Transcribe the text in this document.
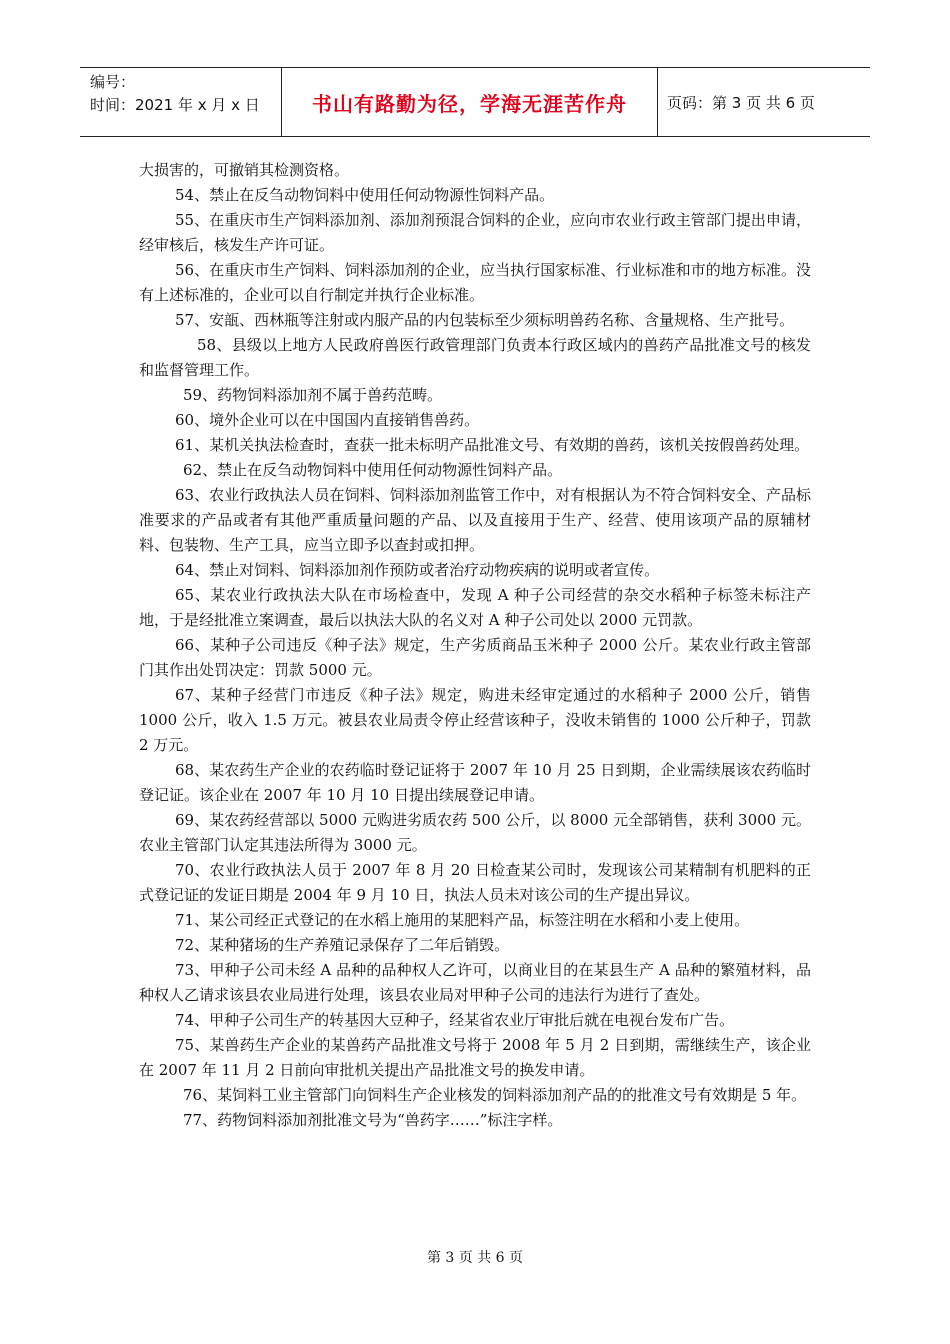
编号：
时间：2021 年 x 月 x 日	书山有路勤为径，学海无涯苦作舟	页码：第 3 页 共 6 页

大损害的，可撤销其检测资格。

54、禁止在反刍动物饲料中使用任何动物源性饲料产品。

55、在重庆市生产饲料添加剂、添加剂预混合饲料的企业，应向市农业行政主管部门提出申请，经审核后，核发生产许可证。

56、在重庆市生产饲料、饲料添加剂的企业，应当执行国家标准、行业标准和市的地方标准。没有上述标准的，企业可以自行制定并执行企业标准。

57、安瓿、西林瓶等注射或内服产品的内包装标至少须标明兽药名称、含量规格、生产批号。

58、县级以上地方人民政府兽医行政管理部门负责本行政区域内的兽药产品批准文号的核发和监督管理工作。

59、药物饲料添加剂不属于兽药范畴。

60、境外企业可以在中国国内直接销售兽药。

61、某机关执法检查时，查获一批未标明产品批准文号、有效期的兽药，该机关按假兽药处理。

62、禁止在反刍动物饲料中使用任何动物源性饲料产品。

63、农业行政执法人员在饲料、饲料添加剂监管工作中，对有根据认为不符合饲料安全、产品标准要求的产品或者有其他严重质量问题的产品、以及直接用于生产、经营、使用该项产品的原辅材料、包装物、生产工具，应当立即予以查封或扣押。

64、禁止对饲料、饲料添加剂作预防或者治疗动物疾病的说明或者宣传。

65、某农业行政执法大队在市场检查中，发现 A 种子公司经营的杂交水稻种子标签未标注产地，于是经批准立案调查，最后以执法大队的名义对 A 种子公司处以 2000 元罚款。

66、某种子公司违反《种子法》规定，生产劣质商品玉米种子 2000 公斤。某农业行政主管部门其作出处罚决定：罚款 5000 元。

67、某种子经营门市违反《种子法》规定，购进未经审定通过的水稻种子 2000 公斤，销售 1000 公斤，收入 1.5 万元。被县农业局责令停止经营该种子，没收未销售的 1000 公斤种子，罚款 2 万元。

68、某农药生产企业的农药临时登记证将于 2007 年 10 月 25 日到期，企业需续展该农药临时登记证。该企业在 2007 年 10 月 10 日提出续展登记申请。

69、某农药经营部以 5000 元购进劣质农药 500 公斤，以 8000 元全部销售，获利 3000 元。农业主管部门认定其违法所得为 3000 元。

70、农业行政执法人员于 2007 年 8 月 20 日检查某公司时，发现该公司某精制有机肥料的正式登记证的发证日期是 2004 年 9 月 10 日，执法人员未对该公司的生产提出异议。

71、某公司经正式登记的在水稻上施用的某肥料产品，标签注明在水稻和小麦上使用。

72、某种猪场的生产养殖记录保存了二年后销毁。

73、甲种子公司未经 A 品种的品种权人乙许可，以商业目的在某县生产 A 品种的繁殖材料，品种权人乙请求该县农业局进行处理，该县农业局对甲种子公司的违法行为进行了查处。

74、甲种子公司生产的转基因大豆种子，经某省农业厅审批后就在电视台发布广告。

75、某兽药生产企业的某兽药产品批准文号将于 2008 年 5 月 2 日到期，需继续生产，该企业在 2007 年 11 月 2 日前向审批机关提出产品批准文号的换发申请。

76、某饲料工业主管部门向饲料生产企业核发的饲料添加剂产品的的批准文号有效期是 5 年。

77、药物饲料添加剂批准文号为“兽药字……”标注字样。

第 3 页 共 6 页
